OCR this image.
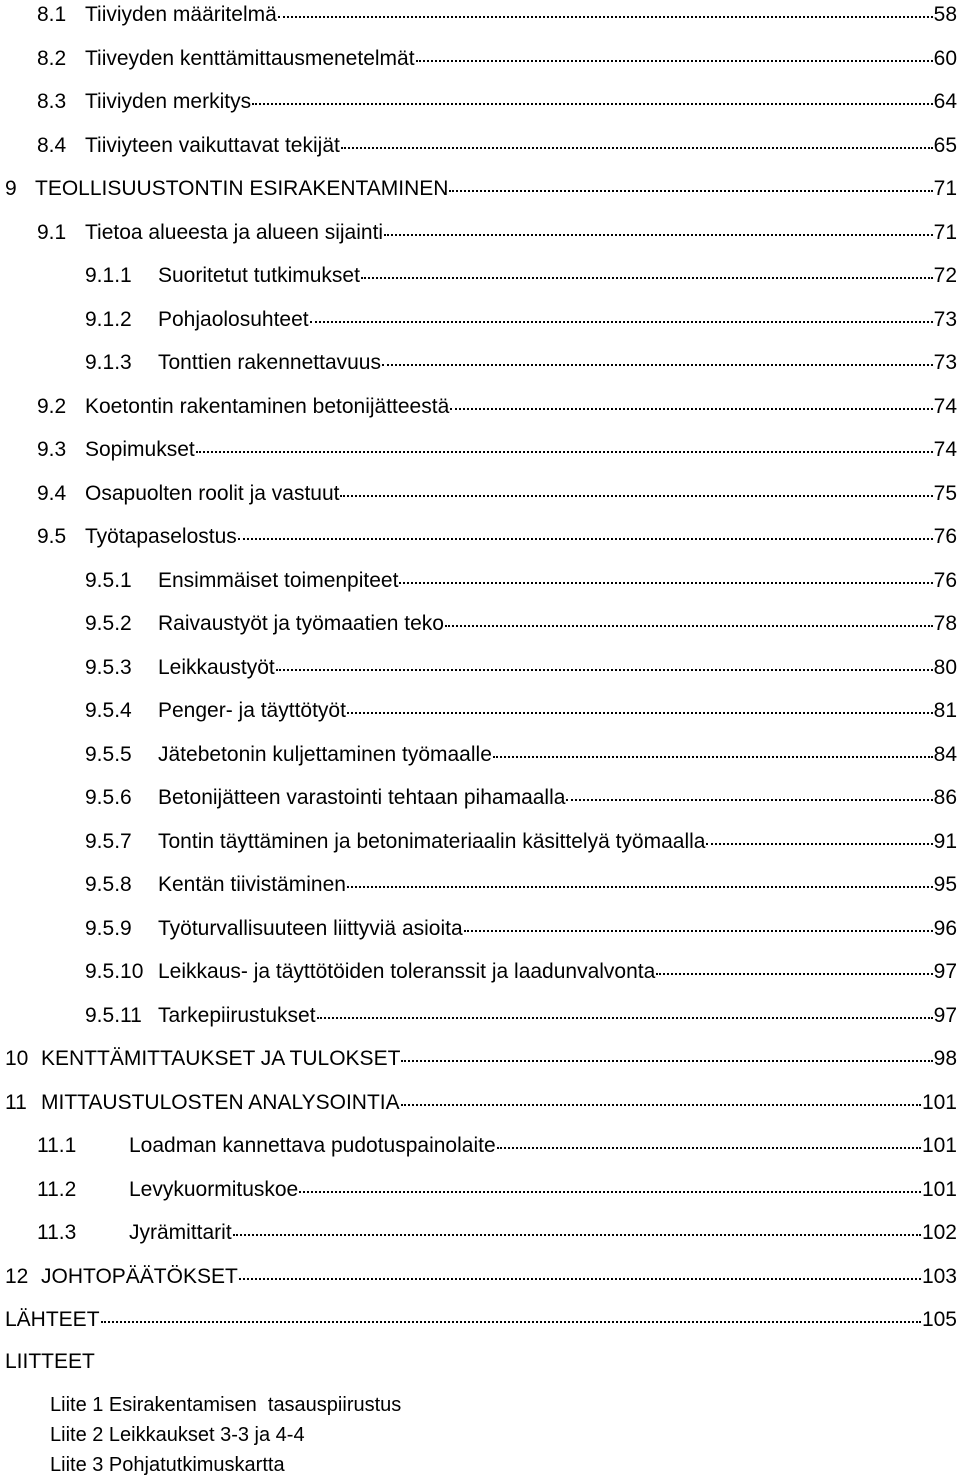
8.1 Tiiviyden määritelmä	58
8.2 Tiiveyden kenttämittausmenetelmät	60
8.3 Tiiviyden merkitys	64
8.4 Tiiviyteen vaikuttavat tekijät	65
9 TEOLLISUUSTONTIN ESIRAKENTAMINEN	71
9.1 Tietoa alueesta ja alueen sijainti	71
9.1.1	Suoritetut tutkimukset	72
9.1.2	Pohjaolosuhteet	73
9.1.3	Tonttien rakennettavuus	73
9.2 Koetontin rakentaminen betonijätteestä	74
9.3 Sopimukset	74
9.4 Osapuolten roolit ja vastuut	75
9.5 Työtapaselostus	76
9.5.1	Ensimmäiset toimenpiteet	76
9.5.2	Raivaustyöt ja työmaatien teko	78
9.5.3	Leikkaustyöt	80
9.5.4	Penger- ja täyttötyöt	81
9.5.5	Jätebetonin kuljettaminen työmaalle	84
9.5.6	Betonijätteen varastointi tehtaan pihamaalla	86
9.5.7	Tontin täyttäminen ja betonimateriaalin käsittelyä työmaalla	91
9.5.8	Kentän tiivistäminen	95
9.5.9	Työturvallisuuteen liittyviä asioita	96
9.5.10 Leikkaus- ja täyttötöiden toleranssit ja laadunvalvonta	97
9.5.11 Tarkepiirustukset	97
10 KENTTÄMITTAUKSET JA TULOKSET	98
11 MITTAUSTULOSTEN ANALYSOINTIA	101
11.1	Loadman kannettava pudotuspainolaite	101
11.2	Levykuormituskoe	101
11.3	Jyrämittarit	102
12 JOHTOPÄÄTÖKSET	103
LÄHTEET	105
LIITTEET
Liite 1 Esirakentamisen  tasauspiirustus
Liite 2 Leikkaukset 3-3 ja 4-4
Liite 3 Pohjatutkimuskartta
